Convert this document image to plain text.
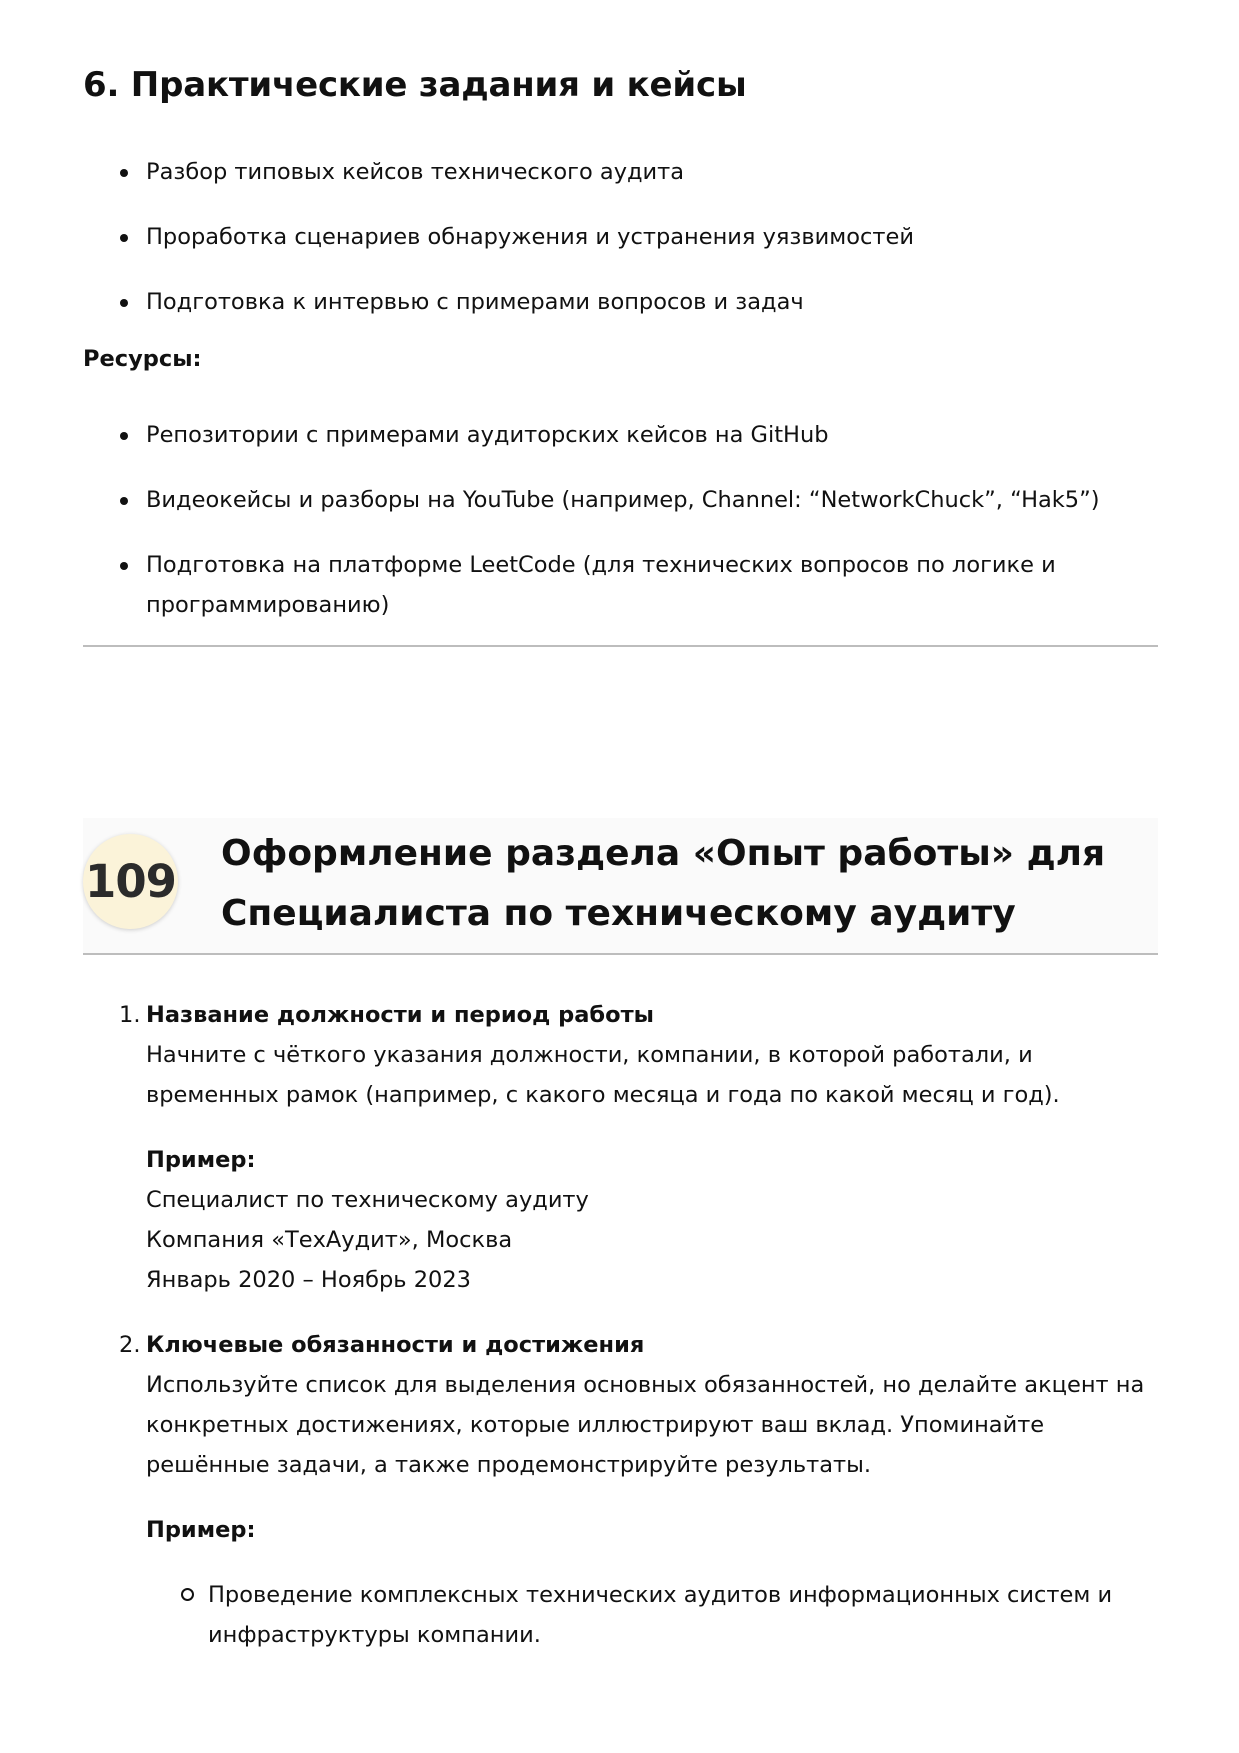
6. Практические задания и кейсы
Разбор типовых кейсов технического аудита
Проработка сценариев обнаружения и устранения уязвимостей
Подготовка к интервью с примерами вопросов и задач
Ресурсы:
Репозитории с примерами аудиторских кейсов на GitHub
Видеокейсы и разборы на YouTube (например, Channel: “NetworkChuck”, “Hak5”)
Подготовка на платформе LeetCode (для технических вопросов по логике и программированию)
109
Оформление раздела «Опыт работы» для
Специалиста по техническому аудиту
1. Название должности и период работы
Начните с чёткого указания должности, компании, в которой работали, и временных рамок (например, с какого месяца и года по какой месяц и год).
Пример:
Специалист по техническому аудиту
Компания «ТехАудит», Москва
Январь 2020 – Ноябрь 2023
2. Ключевые обязанности и достижения
Используйте список для выделения основных обязанностей, но делайте акцент на конкретных достижениях, которые иллюстрируют ваш вклад. Упоминайте решённые задачи, а также продемонстрируйте результаты.
Пример:
Проведение комплексных технических аудитов информационных систем и инфраструктуры компании.
